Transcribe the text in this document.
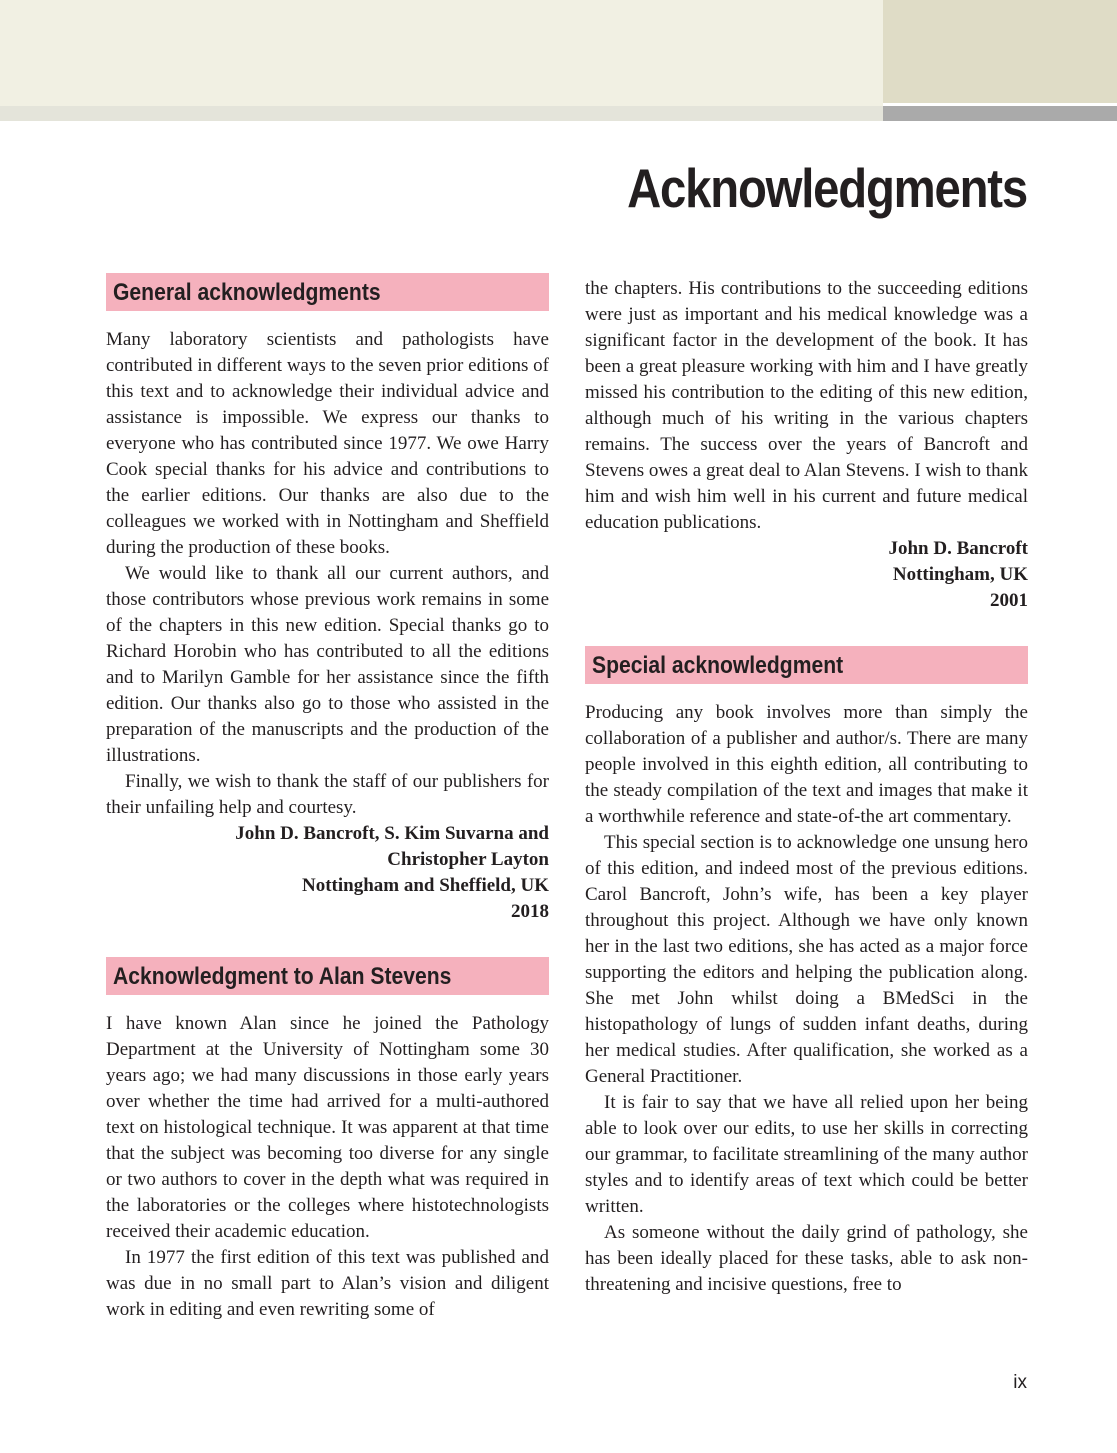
Acknowledgments
General acknowledgments

Many laboratory scientists and pathologists have contributed in different ways to the seven prior editions of this text and to acknowledge their individual advice and assistance is impossible. We express our thanks to everyone who has contributed since 1977. We owe Harry Cook special thanks for his advice and contributions to the earlier editions. Our thanks are also due to the colleagues we worked with in Nottingham and Sheffield during the production of these books.

We would like to thank all our current authors, and those contributors whose previous work remains in some of the chapters in this new edition. Special thanks go to Richard Horobin who has contributed to all the editions and to Marilyn Gamble for her assistance since the fifth edition. Our thanks also go to those who assisted in the preparation of the manuscripts and the production of the illustrations.

Finally, we wish to thank the staff of our publishers for their unfailing help and courtesy.

John D. Bancroft, S. Kim Suvarna and
Christopher Layton
Nottingham and Sheffield, UK
2018
Acknowledgment to Alan Stevens

I have known Alan since he joined the Pathology Department at the University of Nottingham some 30 years ago; we had many discussions in those early years over whether the time had arrived for a multi-authored text on histological technique. It was apparent at that time that the subject was becoming too diverse for any single or two authors to cover in the depth what was required in the laboratories or the colleges where histotechnologists received their academic education.

In 1977 the first edition of this text was published and was due in no small part to Alan’s vision and diligent work in editing and even rewriting some of

the chapters. His contributions to the succeeding editions were just as important and his medical knowledge was a significant factor in the development of the book. It has been a great pleasure working with him and I have greatly missed his contribution to the editing of this new edition, although much of his writing in the various chapters remains. The success over the years of Bancroft and Stevens owes a great deal to Alan Stevens. I wish to thank him and wish him well in his current and future medical education publications.

John D. Bancroft
Nottingham, UK
2001
Special acknowledgment

Producing any book involves more than simply the collaboration of a publisher and author/s. There are many people involved in this eighth edition, all contributing to the steady compilation of the text and images that make it a worthwhile reference and state-of-the art commentary.

This special section is to acknowledge one unsung hero of this edition, and indeed most of the previous editions. Carol Bancroft, John’s wife, has been a key player throughout this project. Although we have only known her in the last two editions, she has acted as a major force supporting the editors and helping the publication along. She met John whilst doing a BMedSci in the histopathology of lungs of sudden infant deaths, during her medical studies. After qualification, she worked as a General Practitioner.

It is fair to say that we have all relied upon her being able to look over our edits, to use her skills in correcting our grammar, to facilitate streamlining of the many author styles and to identify areas of text which could be better written.

As someone without the daily grind of pathology, she has been ideally placed for these tasks, able to ask non-threatening and incisive questions, free to

ix
